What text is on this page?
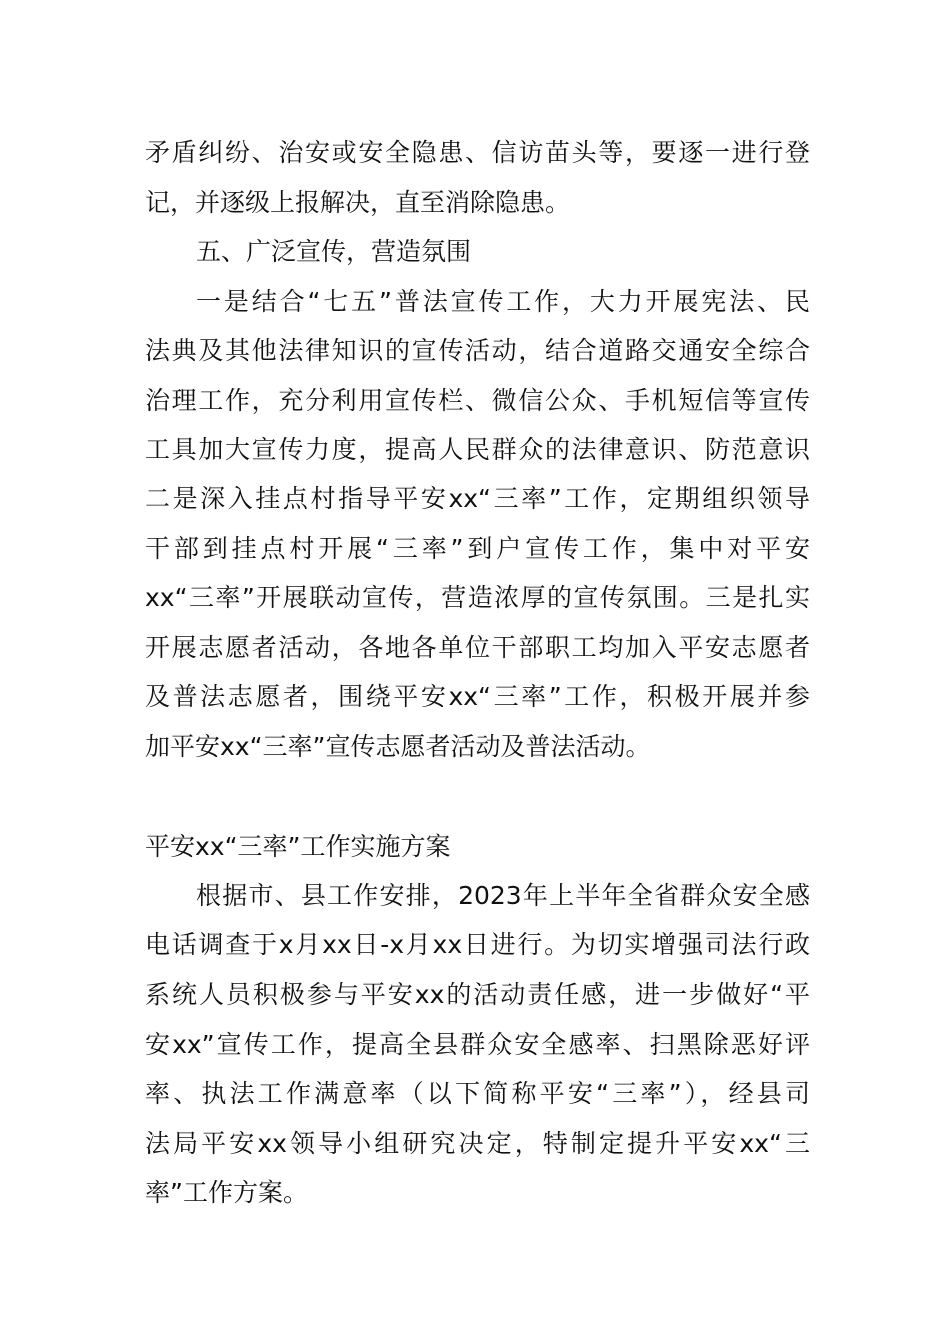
矛盾纠纷、治安或安全隐患、信访苗头等，要逐一进行登
记，并逐级上报解决，直至消除隐患。
五、广泛宣传，营造氛围
一是结合“七五”普法宣传工作，大力开展宪法、民
法典及其他法律知识的宣传活动，结合道路交通安全综合
治理工作，充分利用宣传栏、微信公众、手机短信等宣传
工具加大宣传力度，提高人民群众的法律意识、防范意识
二是深入挂点村指导平安xx“三率”工作，定期组织领导
干部到挂点村开展“三率”到户宣传工作，集中对平安
xx“三率”开展联动宣传，营造浓厚的宣传氛围。三是扎实
开展志愿者活动，各地各单位干部职工均加入平安志愿者
及普法志愿者，围绕平安xx“三率”工作，积极开展并参
加平安xx“三率”宣传志愿者活动及普法活动。
平安xx“三率”工作实施方案
根据市、县工作安排，2023年上半年全省群众安全感
电话调查于x月xx日-x月xx日进行。为切实增强司法行政
系统人员积极参与平安xx的活动责任感，进一步做好“平
安xx”宣传工作，提高全县群众安全感率、扫黑除恶好评
率、执法工作满意率（以下简称平安“三率”），经县司
法局平安xx领导小组研究决定，特制定提升平安xx“三
率”工作方案。
